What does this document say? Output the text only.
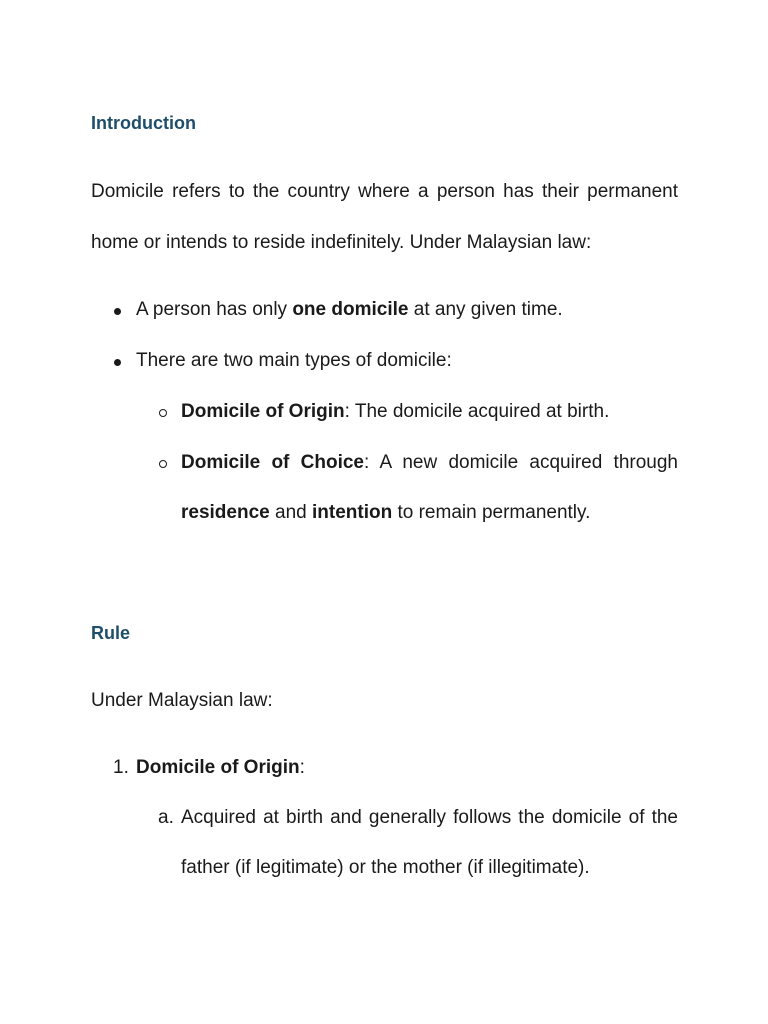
Introduction
Domicile refers to the country where a person has their permanent
home or intends to reside indefinitely. Under Malaysian law:
A person has only one domicile at any given time.
There are two main types of domicile:
Domicile of Origin: The domicile acquired at birth.
Domicile of Choice: A new domicile acquired through
residence and intention to remain permanently.
Rule
Under Malaysian law:
1. Domicile of Origin:
a. Acquired at birth and generally follows the domicile of the
father (if legitimate) or the mother (if illegitimate).
